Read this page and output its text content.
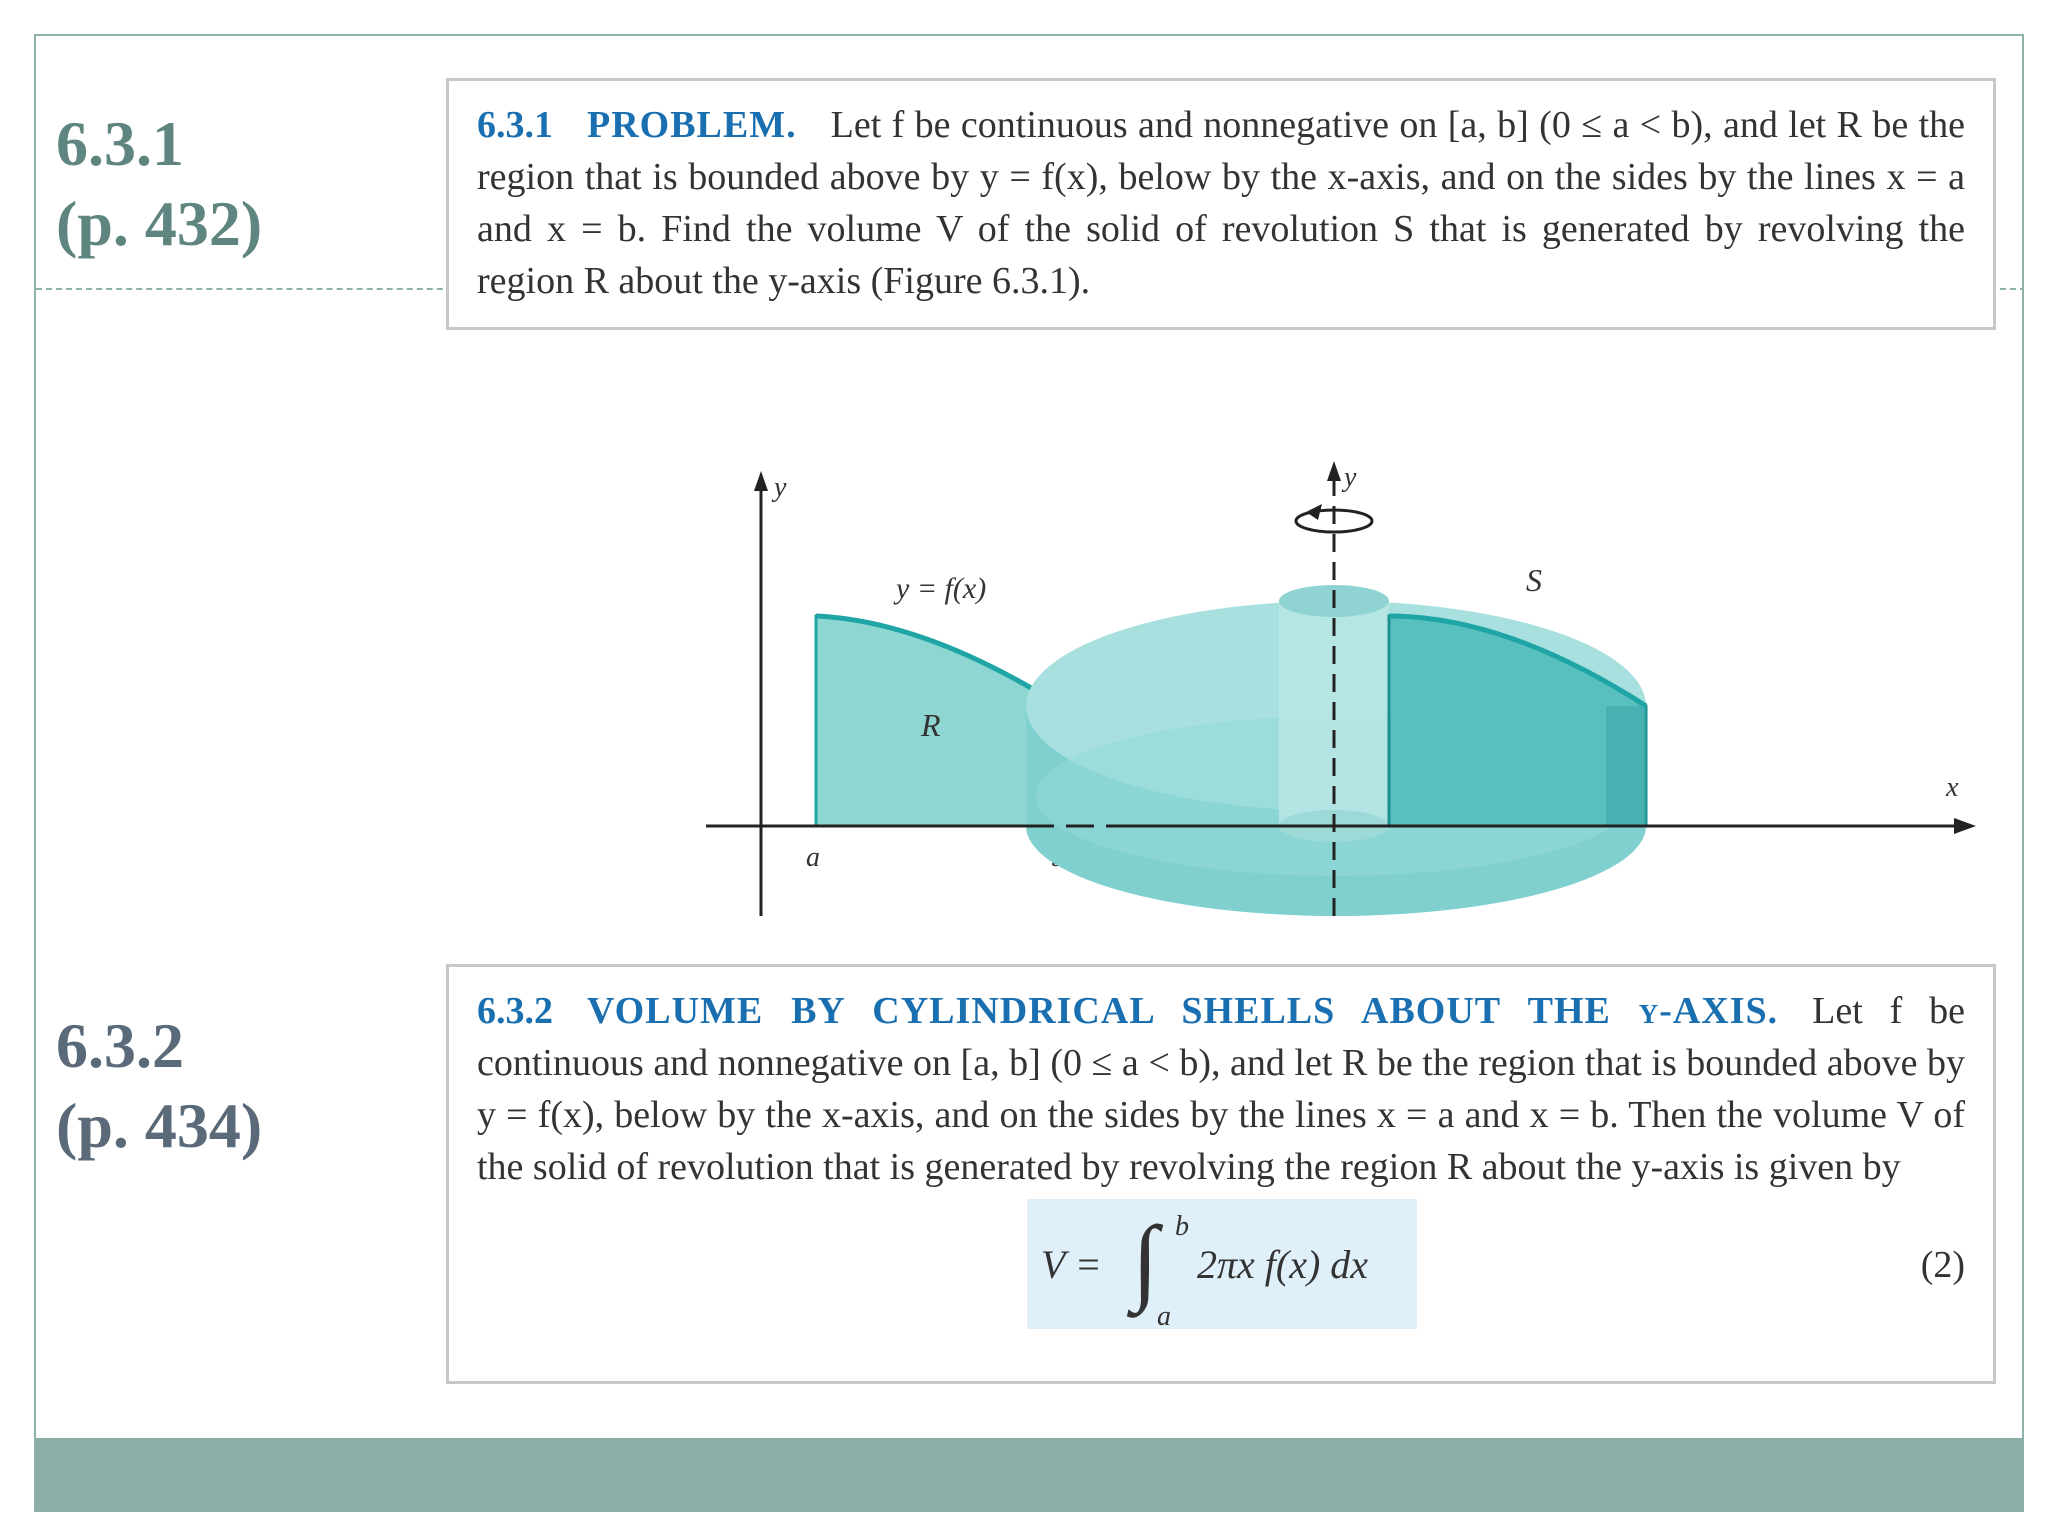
6.3.1
(p. 432)
6.3.2
(p. 434)
6.3.1 PROBLEM. Let f be continuous and nonnegative on [a, b] (0 ≤ a < b), and let R be the region that is bounded above by y = f(x), below by the x-axis, and on the sides by the lines x = a and x = b. Find the volume V of the solid of revolution S that is generated by revolving the region R about the y-axis (Figure 6.3.1).
y
y = f(x)
R
a
y
x
S
6.3.2 VOLUME BY CYLINDRICAL SHELLS ABOUT THE y-AXIS. Let f be continuous and nonnegative on [a, b] (0 ≤ a < b), and let R be the region that is bounded above by y = f(x), below by the x-axis, and on the sides by the lines x = a and x = b. Then the volume V of the solid of revolution that is generated by revolving the region R about the y-axis is given by
V = ∫ b
a
2πx f(x) dx	(2)
